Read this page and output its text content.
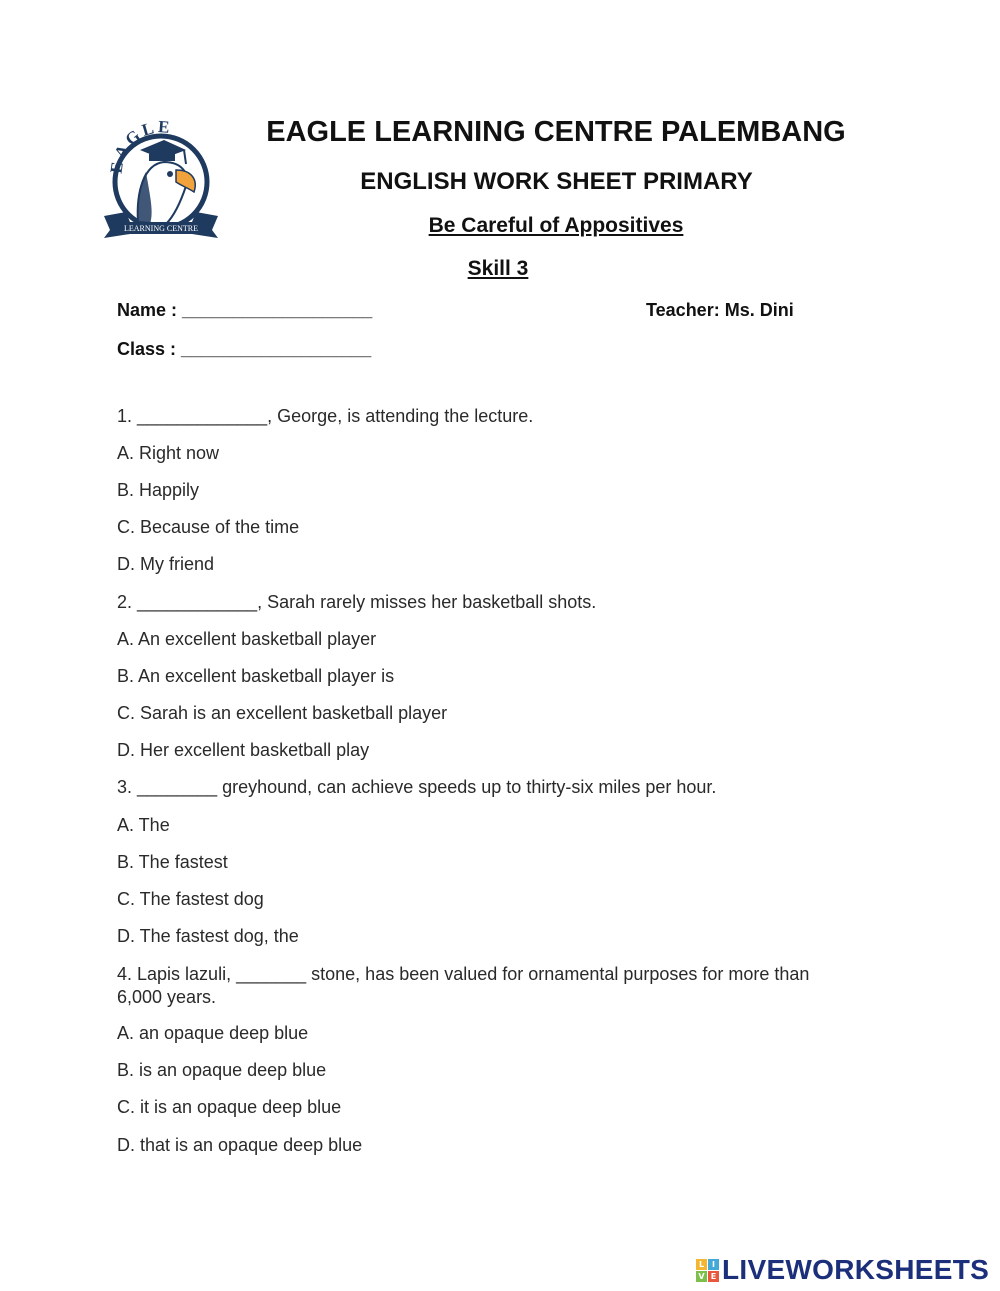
EAGLE
LEARNING CENTRE
EAGLE LEARNING CENTRE PALEMBANG
ENGLISH WORK SHEET PRIMARY
Be Careful of Appositives
Skill 3
Name : ___________________	Teacher: Ms. Dini
Class : ___________________
1. _____________, George, is attending the lecture.
A. Right now
B. Happily
C. Because of the time
D. My friend
2. ____________, Sarah rarely misses her basketball shots.
A. An excellent basketball player
B. An excellent basketball player is
C. Sarah is an excellent basketball player
D. Her excellent basketball play
3. ________ greyhound, can achieve speeds up to thirty-six miles per hour.
A. The
B. The fastest
C. The fastest dog
D. The fastest dog, the
4. Lapis lazuli, _______ stone, has been valued for ornamental purposes for more than 6,000 years.
A. an opaque deep blue
B. is an opaque deep blue
C. it is an opaque deep blue
D. that is an opaque deep blue
L I
V E LIVEWORKSHEETS
